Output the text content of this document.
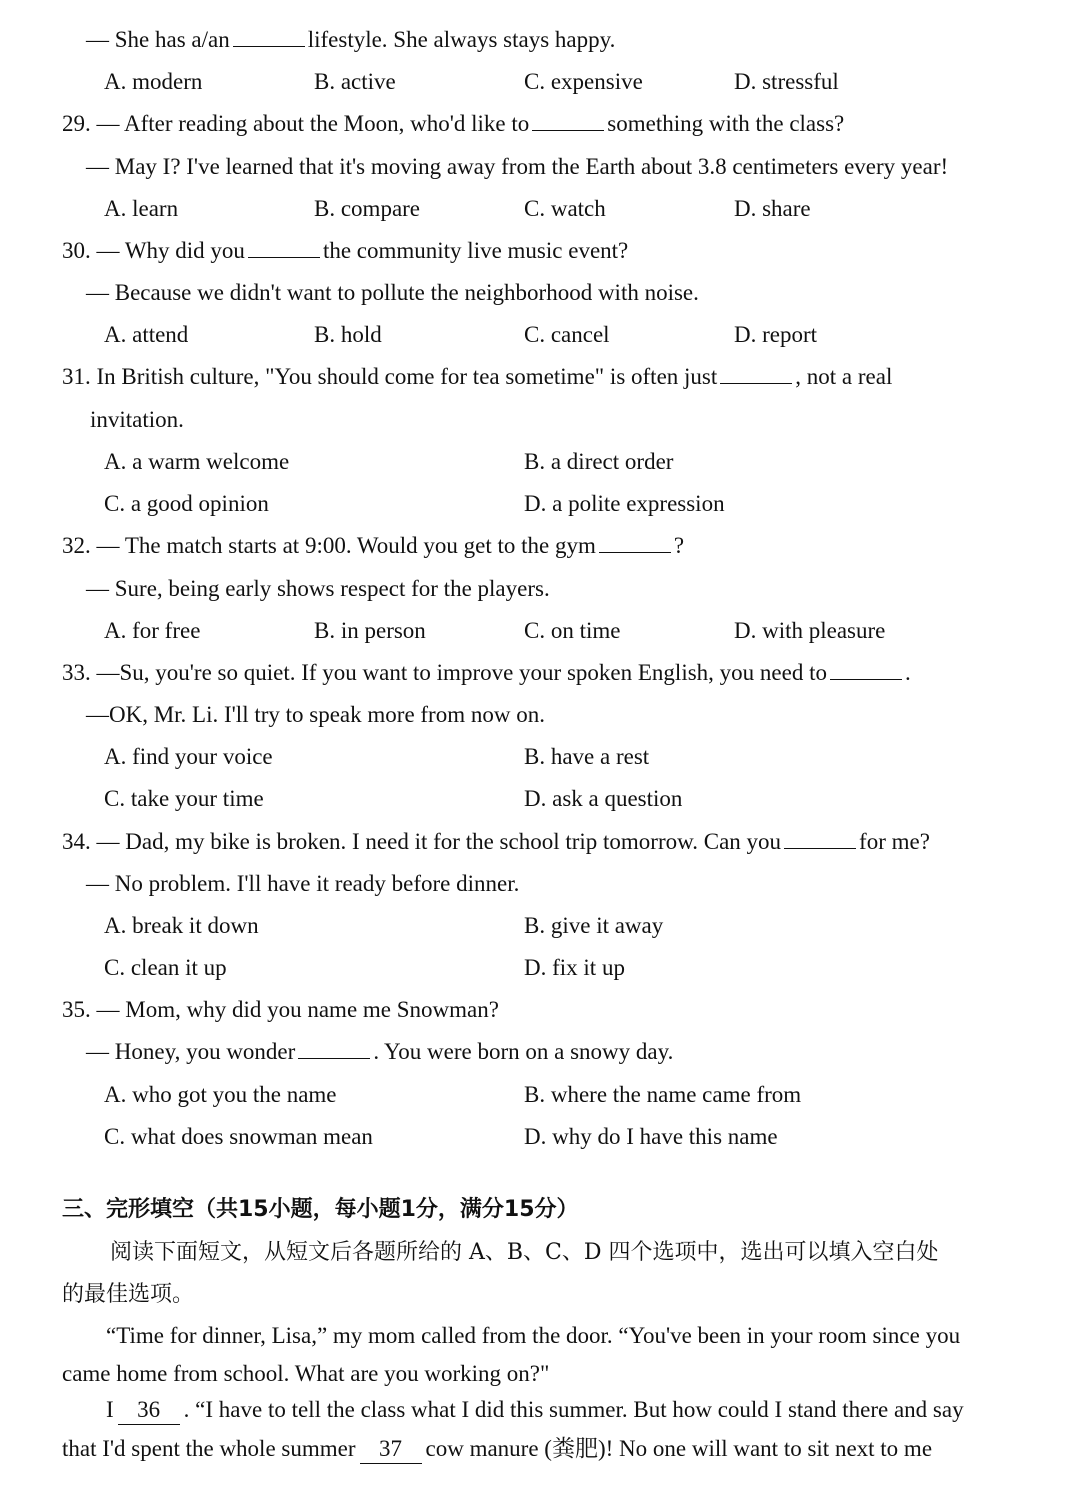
— She has a/an	lifestyle. She always stays happy.
A. modern	B. active	C. expensive	D. stressful
29. — After reading about the Moon, who'd like to	something with the class?
— May I? I've learned that it's moving away from the Earth about 3.8 centimeters every year!
A. learn	B. compare	C. watch	D. share
30. — Why did you	the community live music event?
— Because we didn't want to pollute the neighborhood with noise.
A. attend	B. hold	C. cancel	D. report
31. In British culture, "You should come for tea sometime" is often just	, not a real
invitation.
A. a warm welcome	B. a direct order
C. a good opinion	D. a polite expression
32. — The match starts at 9:00. Would you get to the gym	?
— Sure, being early shows respect for the players.
A. for free	B. in person	C. on time	D. with pleasure
33. —Su, you're so quiet. If you want to improve your spoken English, you need to	.
—OK, Mr. Li. I'll try to speak more from now on.
A. find your voice	B. have a rest
C. take your time	D. ask a question
34. — Dad, my bike is broken. I need it for the school trip tomorrow. Can you	for me?
— No problem. I'll have it ready before dinner.
A. break it down	B. give it away
C. clean it up	D. fix it up
35. — Mom, why did you name me Snowman?
— Honey, you wonder	. You were born on a snowy day.
A. who got you the name	B. where the name came from
C. what does snowman mean	D. why do I have this name
三、完形填空（共15小题，每小题1分，满分15分）
阅读下面短文，从短文后各题所给的 A、B、C、D 四个选项中，选出可以填入空白处
的最佳选项。
“Time for dinner, Lisa,” my mom called from the door. “You've been in your room since you
came home from school. What are you working on?"
I 36 . “I have to tell the class what I did this summer. But how could I stand there and say
that I'd spent the whole summer 37 cow manure (粪肥)! No one will want to sit next to me
